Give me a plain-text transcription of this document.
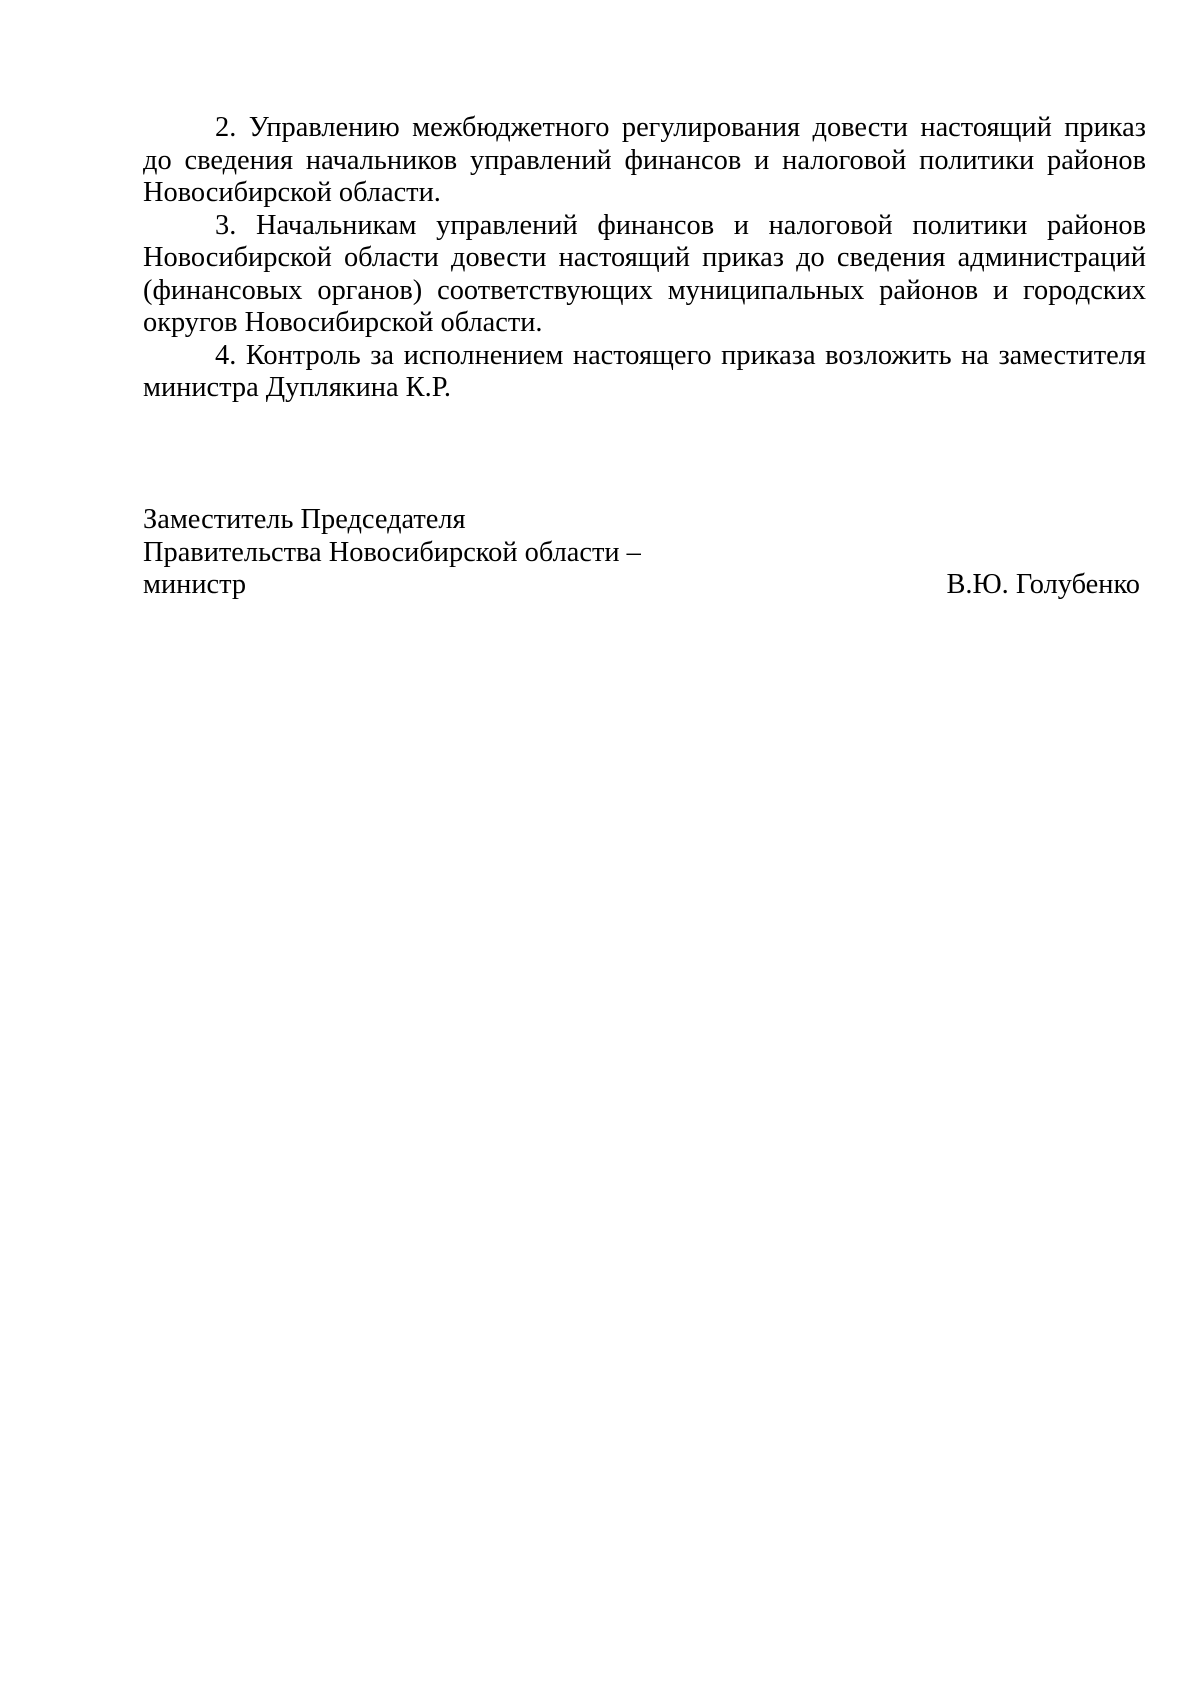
2. Управлению межбюджетного регулирования довести настоящий приказ до сведения начальников управлений финансов и налоговой политики районов Новосибирской области.

3. Начальникам управлений финансов и налоговой политики районов Новосибирской области довести настоящий приказ до сведения администраций (финансовых органов) соответствующих муниципальных районов и городских округов Новосибирской области.

4. Контроль за исполнением настоящего приказа возложить на заместителя министра Дуплякина К.Р.

Заместитель Председателя
Правительства Новосибирской области –
министр	В.Ю. Голубенко
